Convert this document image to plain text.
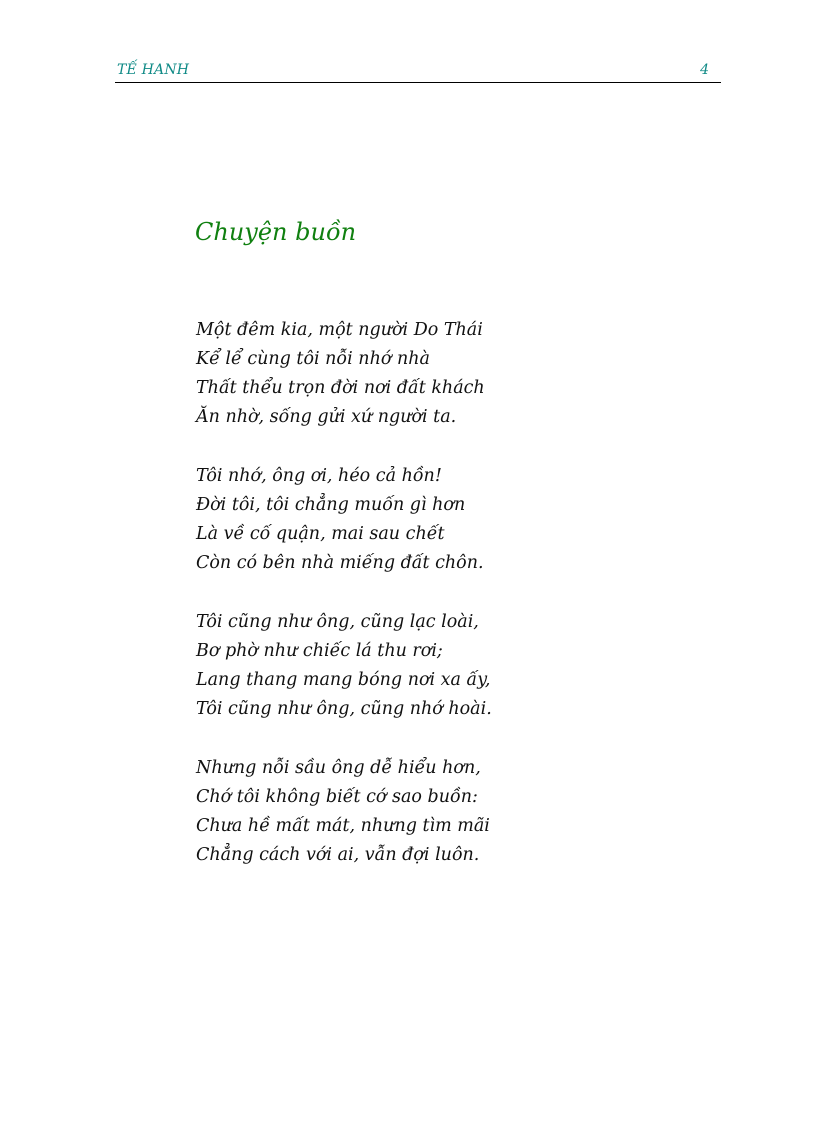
TẾ HANH	4
Chuyện buồn
Một đêm kia, một người Do Thái
Kể lể cùng tôi nỗi nhớ nhà
Thất thểu trọn đời nơi đất khách
Ăn nhờ, sống gửi xứ người ta.
Tôi nhớ, ông ơi, héo cả hồn!
Đời tôi, tôi chẳng muốn gì hơn
Là về cố quận, mai sau chết
Còn có bên nhà miếng đất chôn.
Tôi cũng như ông, cũng lạc loài,
Bơ phờ như chiếc lá thu rơi;
Lang thang mang bóng nơi xa ấy,
Tôi cũng như ông, cũng nhớ hoài.
Nhưng nỗi sầu ông dễ hiểu hơn,
Chớ tôi không biết cớ sao buồn:
Chưa hề mất mát, nhưng tìm mãi
Chẳng cách với ai, vẫn đợi luôn.
